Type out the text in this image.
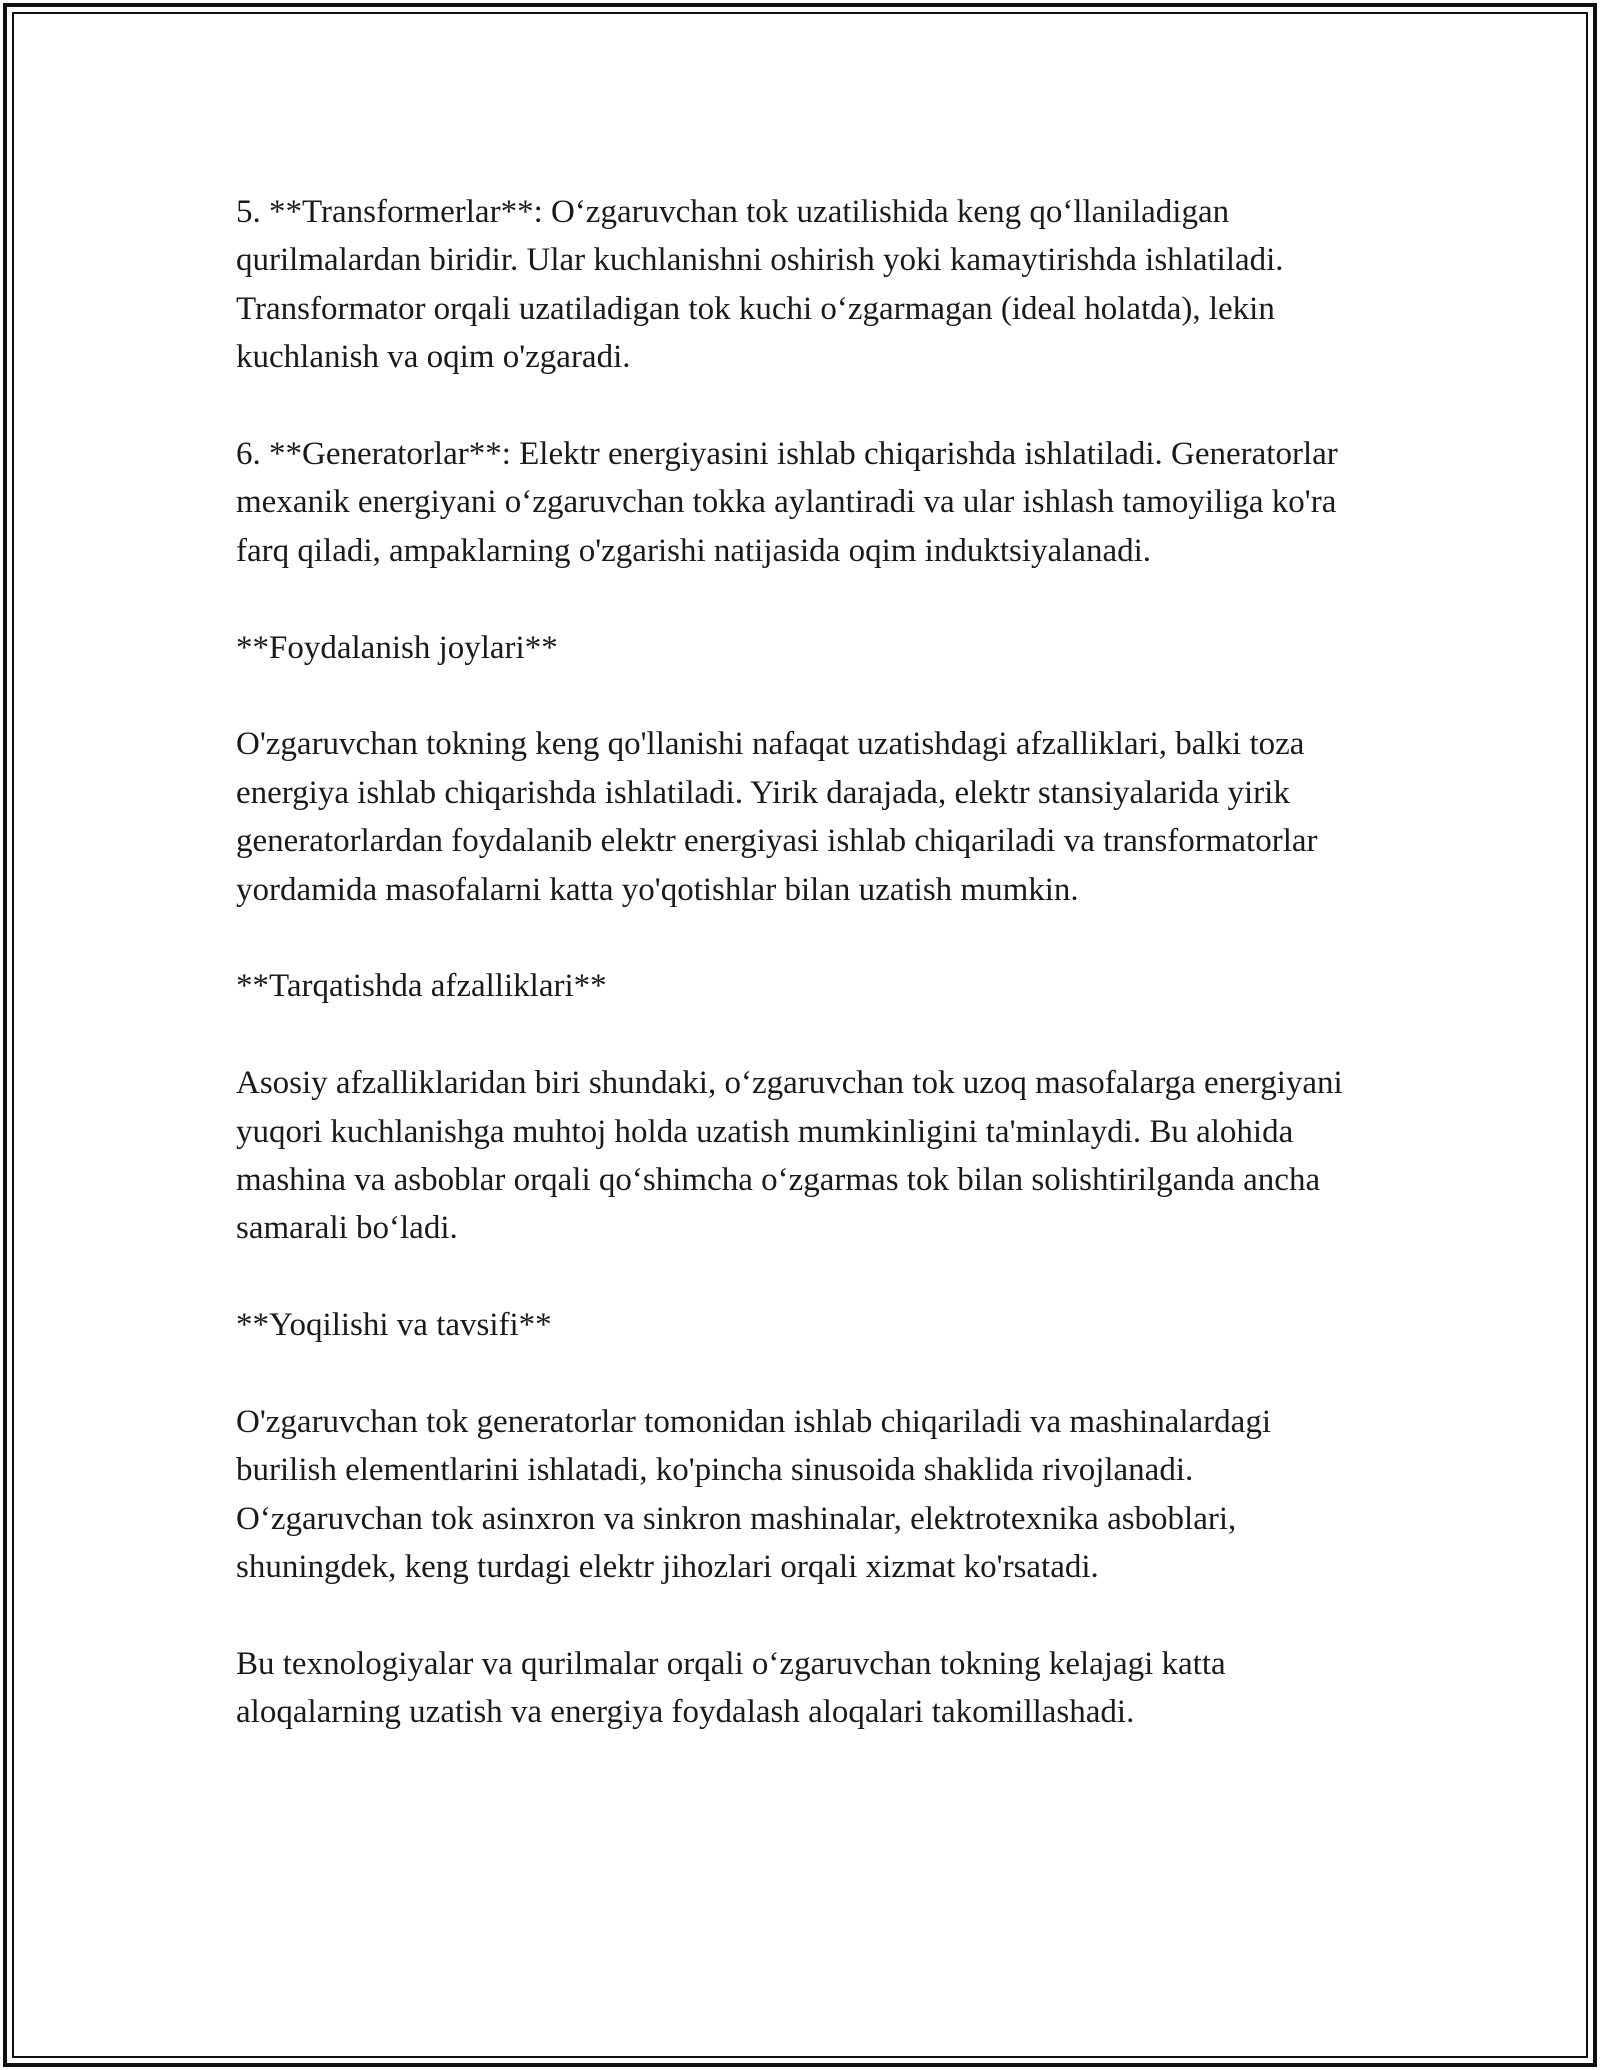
5. **Transformerlar**: O‘zgaruvchan tok uzatilishida keng qo‘llaniladigan qurilmalardan biridir. Ular kuchlanishni oshirish yoki kamaytirishda ishlatiladi. Transformator orqali uzatiladigan tok kuchi o‘zgarmagan (ideal holatda), lekin kuchlanish va oqim o'zgaradi.

6. **Generatorlar**: Elektr energiyasini ishlab chiqarishda ishlatiladi. Generatorlar mexanik energiyani o‘zgaruvchan tokka aylantiradi va ular ishlash tamoyiliga ko'ra farq qiladi, ampaklarning o'zgarishi natijasida oqim induktsiyalanadi.

**Foydalanish joylari**

O'zgaruvchan tokning keng qo'llanishi nafaqat uzatishdagi afzalliklari, balki toza energiya ishlab chiqarishda ishlatiladi. Yirik darajada, elektr stansiyalarida yirik generatorlardan foydalanib elektr energiyasi ishlab chiqariladi va transformatorlar yordamida masofalarni katta yo'qotishlar bilan uzatish mumkin.

**Tarqatishda afzalliklari**

Asosiy afzalliklaridan biri shundaki, o‘zgaruvchan tok uzoq masofalarga energiyani yuqori kuchlanishga muhtoj holda uzatish mumkinligini ta'minlaydi. Bu alohida mashina va asboblar orqali qo‘shimcha o‘zgarmas tok bilan solishtirilganda ancha samarali bo‘ladi.

**Yoqilishi va tavsifi**

O'zgaruvchan tok generatorlar tomonidan ishlab chiqariladi va mashinalardagi burilish elementlarini ishlatadi, ko'pincha sinusoida shaklida rivojlanadi. O‘zgaruvchan tok asinxron va sinkron mashinalar, elektrotexnika asboblari, shuningdek, keng turdagi elektr jihozlari orqali xizmat ko'rsatadi.

Bu texnologiyalar va qurilmalar orqali o‘zgaruvchan tokning kelajagi katta aloqalarning uzatish va energiya foydalash aloqalari takomillashadi.
